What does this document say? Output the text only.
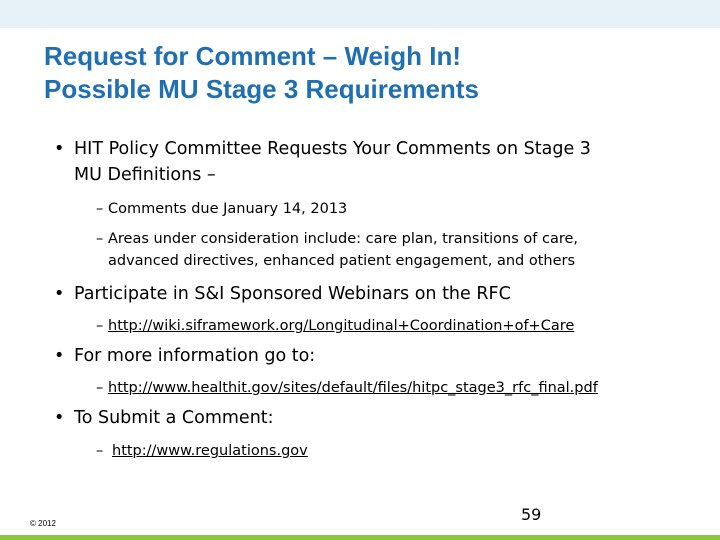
Request for Comment – Weigh In!
Possible MU Stage 3 Requirements
• HIT Policy Committee Requests Your Comments on Stage 3
MU Definitions –
– Comments due January 14, 2013
– Areas under consideration include: care plan, transitions of care,
advanced directives, enhanced patient engagement, and others
• Participate in S&I Sponsored Webinars on the RFC
– http://wiki.siframework.org/Longitudinal+Coordination+of+Care
• For more information go to:
– http://www.healthit.gov/sites/default/files/hitpc_stage3_rfc_final.pdf
• To Submit a Comment:
– http://www.regulations.gov
© 2012	59
